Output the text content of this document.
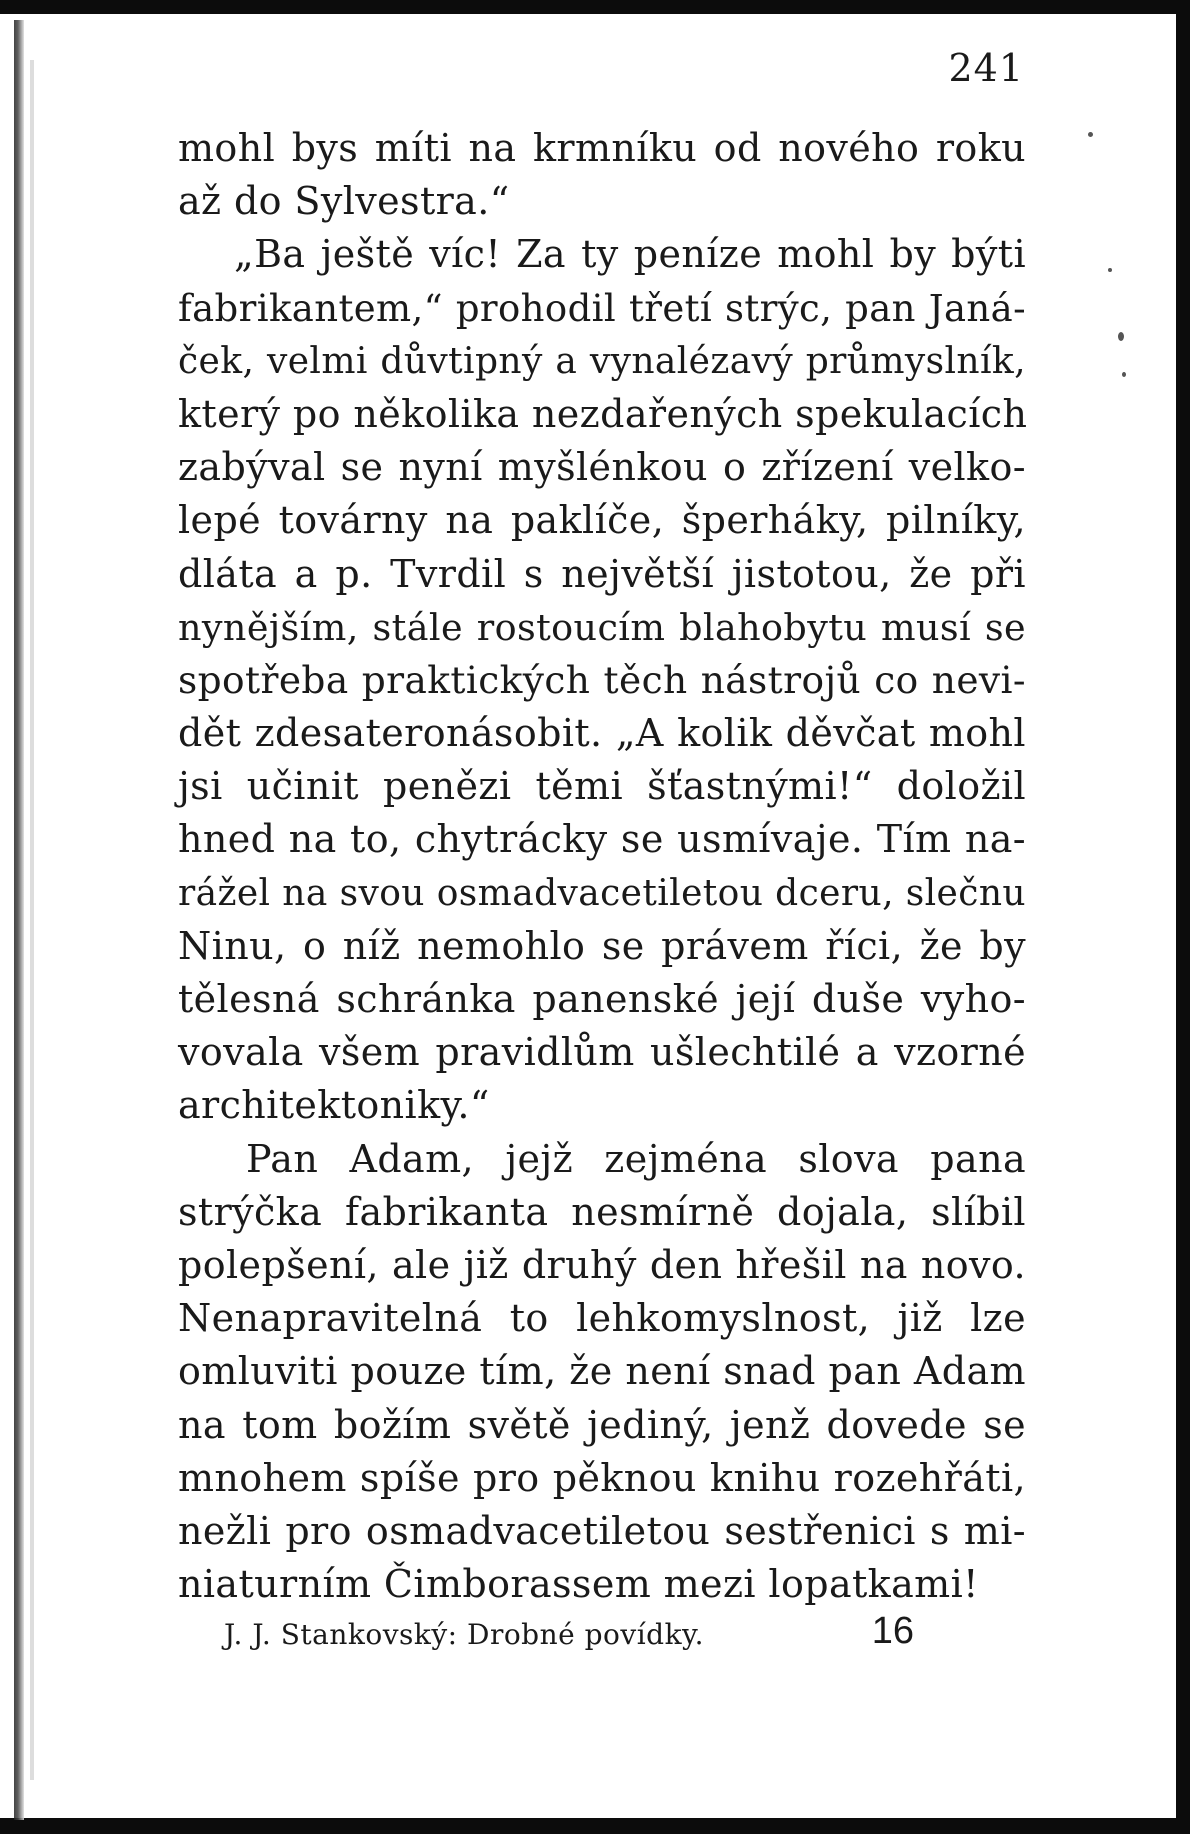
241
mohl bys míti na krmníku od nového roku
až do Sylvestra.“
„Ba ještě víc! Za ty peníze mohl by býti
fabrikantem,“ prohodil třetí strýc, pan Janá-
ček, velmi důvtipný a vynalézavý průmyslník,
který po několika nezdařených spekulacích
zabýval se nyní myšlénkou o zřízení velko-
lepé továrny na paklíče, šperháky, pilníky,
dláta a p. Tvrdil s největší jistotou, že při
nynějším, stále rostoucím blahobytu musí se
spotřeba praktických těch nástrojů co nevi-
dět zdesateronásobit. „A kolik děvčat mohl
jsi učinit penězi těmi šťastnými!“ doložil
hned na to, chytrácky se usmívaje. Tím na-
rážel na svou osmadvacetiletou dceru, slečnu
Ninu, o níž nemohlo se právem říci, že by
tělesná schránka panenské její duše vyho-
vovala všem pravidlům ušlechtilé a vzorné
architektoniky.“
Pan Adam, jejž zejména slova pana
strýčka fabrikanta nesmírně dojala, slíbil
polepšení, ale již druhý den hřešil na novo.
Nenapravitelná to lehkomyslnost, již lze
omluviti pouze tím, že není snad pan Adam
na tom božím světě jediný, jenž dovede se
mnohem spíše pro pěknou knihu rozehřáti,
nežli pro osmadvacetiletou sestřenici s mi-
niaturním Čimborassem mezi lopatkami!
J. J. Stankovský: Drobné povídky.	16
